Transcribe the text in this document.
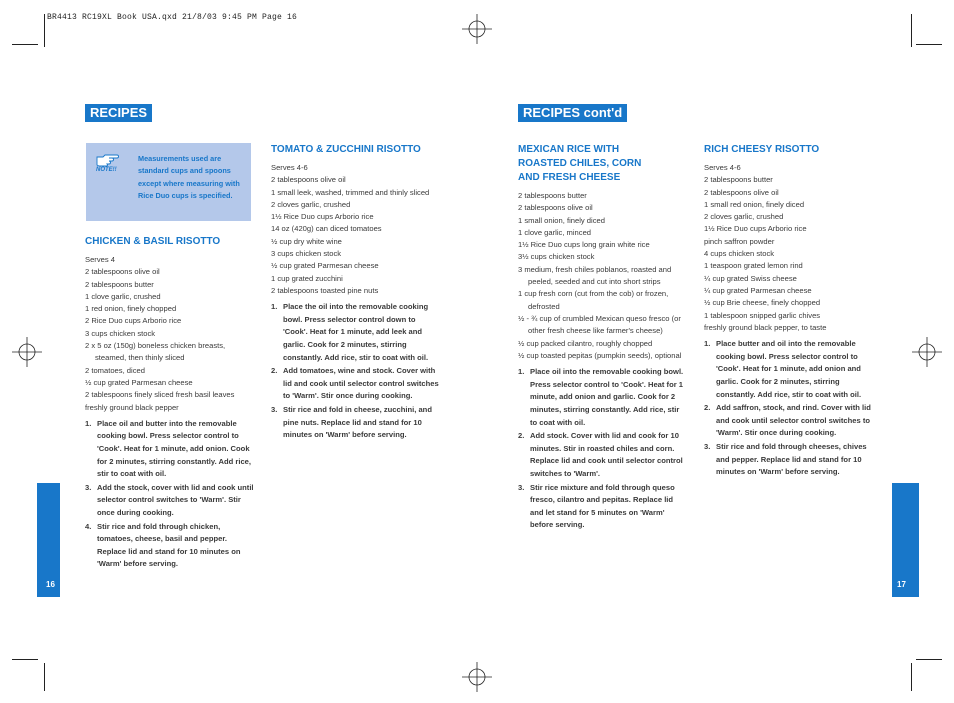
BR4413 RC19XL Book USA.qxd 21/8/03 9:45 PM Page 16
RECIPES	RECIPES cont'd
NOTE!!
Measurements used are standard cups and spoons except where measuring with Rice Duo cups is specified.
CHICKEN & BASIL RISOTTO

Serves 4

2 tablespoons olive oil

2 tablespoons butter

1 clove garlic, crushed

1 red onion, finely chopped

2 Rice Duo cups Arborio rice

3 cups chicken stock

2 x 5 oz (150g) boneless chicken breasts, steamed, then thinly sliced

2 tomatoes, diced

½ cup grated Parmesan cheese

2 tablespoons finely sliced fresh basil leaves

freshly ground black pepper

1. Place oil and butter into the removable cooking bowl. Press selector control to 'Cook'. Heat for 1 minute, add onion. Cook for 2 minutes, stirring constantly. Add rice, stir to coat with oil.
3. Add the stock, cover with lid and cook until selector control switches to 'Warm'. Stir once during cooking.
4. Stir rice and fold through chicken, tomatoes, cheese, basil and pepper. Replace lid and stand for 10 minutes on 'Warm' before serving.
TOMATO & ZUCCHINI RISOTTO

Serves 4-6

2 tablespoons olive oil

1 small leek, washed, trimmed and thinly sliced

2 cloves garlic, crushed

1½ Rice Duo cups Arborio rice

14 oz (420g) can diced tomatoes

½ cup dry white wine

3 cups chicken stock

½ cup grated Parmesan cheese

1 cup grated zucchini

2 tablespoons toasted pine nuts

1. Place the oil into the removable cooking bowl. Press selector control down to 'Cook'. Heat for 1 minute, add leek and garlic. Cook for 2 minutes, stirring constantly. Add rice, stir to coat with oil.
2. Add tomatoes, wine and stock. Cover with lid and cook until selector control switches to 'Warm'. Stir once during cooking.
3. Stir rice and fold in cheese, zucchini, and pine nuts. Replace lid and stand for 10 minutes on 'Warm' before serving.
MEXICAN RICE WITH ROASTED CHILES, CORN AND FRESH CHEESE

2 tablespoons butter

2 tablespoons olive oil

1 small onion, finely diced

1 clove garlic, minced

1½ Rice Duo cups long grain white rice

3½ cups chicken stock

3 medium, fresh chiles poblanos, roasted and peeled, seeded and cut into short strips

1 cup fresh corn (cut from the cob) or frozen, defrosted

½ - ¾ cup of crumbled Mexican queso fresco (or other fresh cheese like farmer's cheese)

½ cup packed cilantro, roughly chopped

½ cup toasted pepitas (pumpkin seeds), optional

1. Place oil into the removable cooking bowl. Press selector control to 'Cook'. Heat for 1 minute, add onion and garlic. Cook for 2 minutes, stirring constantly. Add rice, stir to coat with oil.
2. Add stock. Cover with lid and cook for 10 minutes. Stir in roasted chiles and corn. Replace lid and cook until selector control switches to 'Warm'.
3. Stir rice mixture and fold through queso fresco, cilantro and pepitas. Replace lid and let stand for 5 minutes on 'Warm' before serving.
RICH CHEESY RISOTTO

Serves 4-6

2 tablespoons butter

2 tablespoons olive oil

1 small red onion, finely diced

2 cloves garlic, crushed

1½ Rice Duo cups Arborio rice

pinch saffron powder

4 cups chicken stock

1 teaspoon grated lemon rind

¼ cup grated Swiss cheese

¼ cup grated Parmesan cheese

½ cup Brie cheese, finely chopped

1 tablespoon snipped garlic chives

freshly ground black pepper, to taste

1. Place butter and oil into the removable cooking bowl. Press selector control to 'Cook'. Heat for 1 minute, add onion and garlic. Cook for 2 minutes, stirring constantly. Add rice, stir to coat with oil.
2. Add saffron, stock, and rind. Cover with lid and cook until selector control switches to 'Warm'. Stir once during cooking.
3. Stir rice and fold through cheeses, chives and pepper. Replace lid and stand for 10 minutes on 'Warm' before serving.
16	17
